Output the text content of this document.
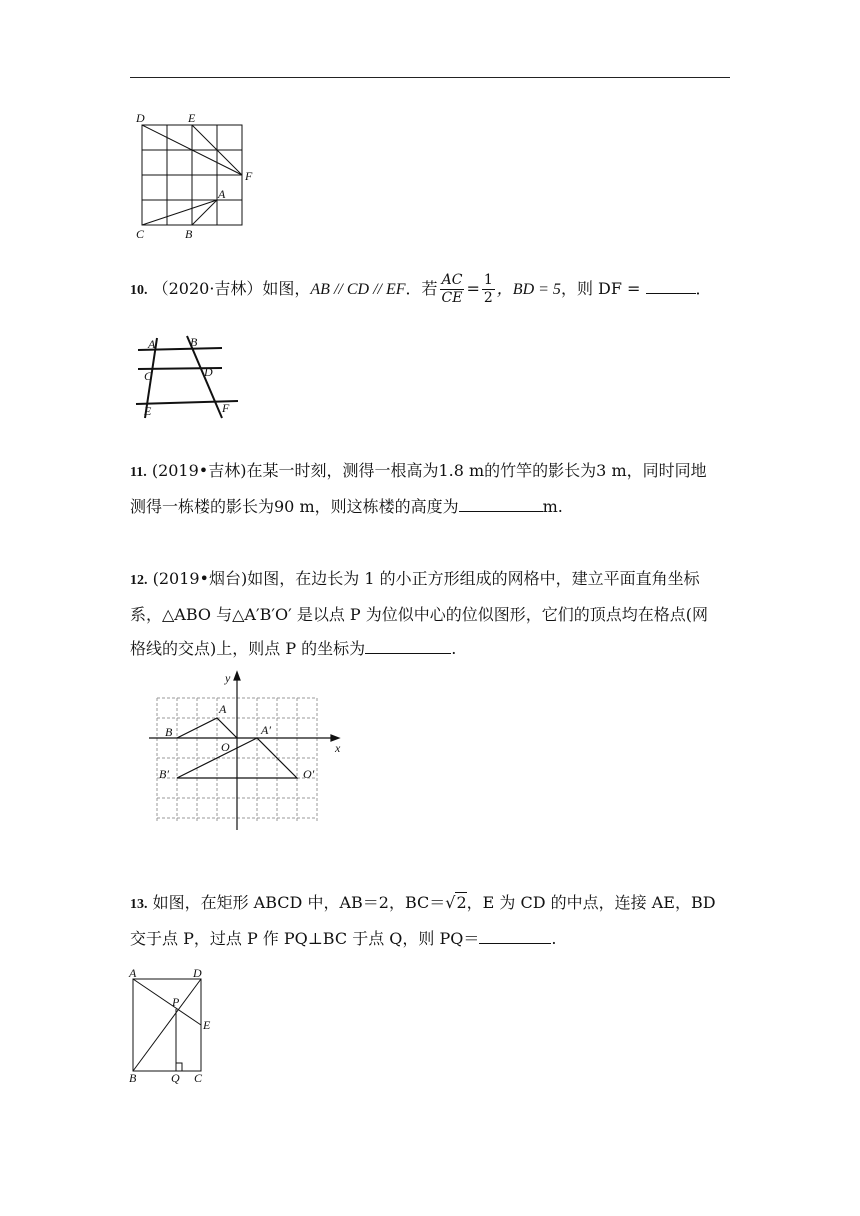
D	E
F
A
C	B
10. （2020·吉林）如图，AB // CD // EF．若 $\frac{AC}{CE} = \frac{1}{2}$ ，BD = 5，则 DF =	．
A	B
C	D
E	F
11. (2019•吉林)在某一时刻，测得一根高为1.8 m的竹竿的影长为3 m，同时同地
测得一栋楼的影长为90 m，则这栋楼的高度为	m.
12. (2019•烟台)如图，在边长为 1 的小正方形组成的网格中，建立平面直角坐标
系，△ABO 与△A′B′O′ 是以点 P 为位似中心的位似图形，它们的顶点均在格点(网
格线的交点)上，则点 P 的坐标为	.
y
x
A
B
O
A′
B′	O′
13. 如图，在矩形 ABCD 中，AB＝2，BC＝√2，E 为 CD 的中点，连接 AE，BD
交于点 P，过点 P 作 PQ⊥BC 于点 Q，则 PQ＝	.
A	D
P
E
B	Q C
